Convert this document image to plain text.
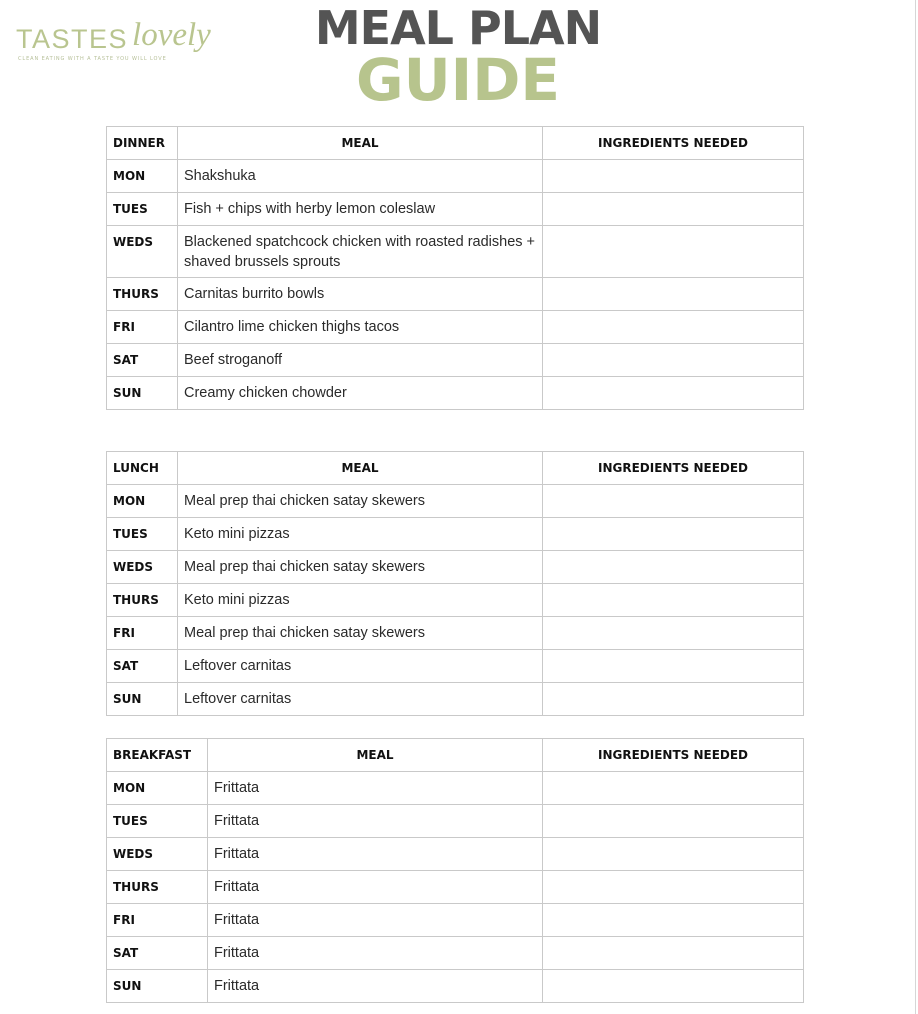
TASTES lovely
CLEAN EATING WITH A TASTE YOU WILL LOVE
MEAL PLAN
GUIDE
DINNER	MEAL	INGREDIENTS NEEDED
MON	Shakshuka	
TUES	Fish + chips with herby lemon coleslaw	
WEDS	Blackened spatchcock chicken with roasted radishes + shaved brussels sprouts	
THURS	Carnitas burrito bowls	
FRI	Cilantro lime chicken thighs tacos	
SAT	Beef stroganoff	
SUN	Creamy chicken chowder	
LUNCH	MEAL	INGREDIENTS NEEDED
MON	Meal prep thai chicken satay skewers	
TUES	Keto mini pizzas	
WEDS	Meal prep thai chicken satay skewers	
THURS	Keto mini pizzas	
FRI	Meal prep thai chicken satay skewers	
SAT	Leftover carnitas	
SUN	Leftover carnitas	
BREAKFAST	MEAL	INGREDIENTS NEEDED
MON	Frittata	
TUES	Frittata	
WEDS	Frittata	
THURS	Frittata	
FRI	Frittata	
SAT	Frittata	
SUN	Frittata	
